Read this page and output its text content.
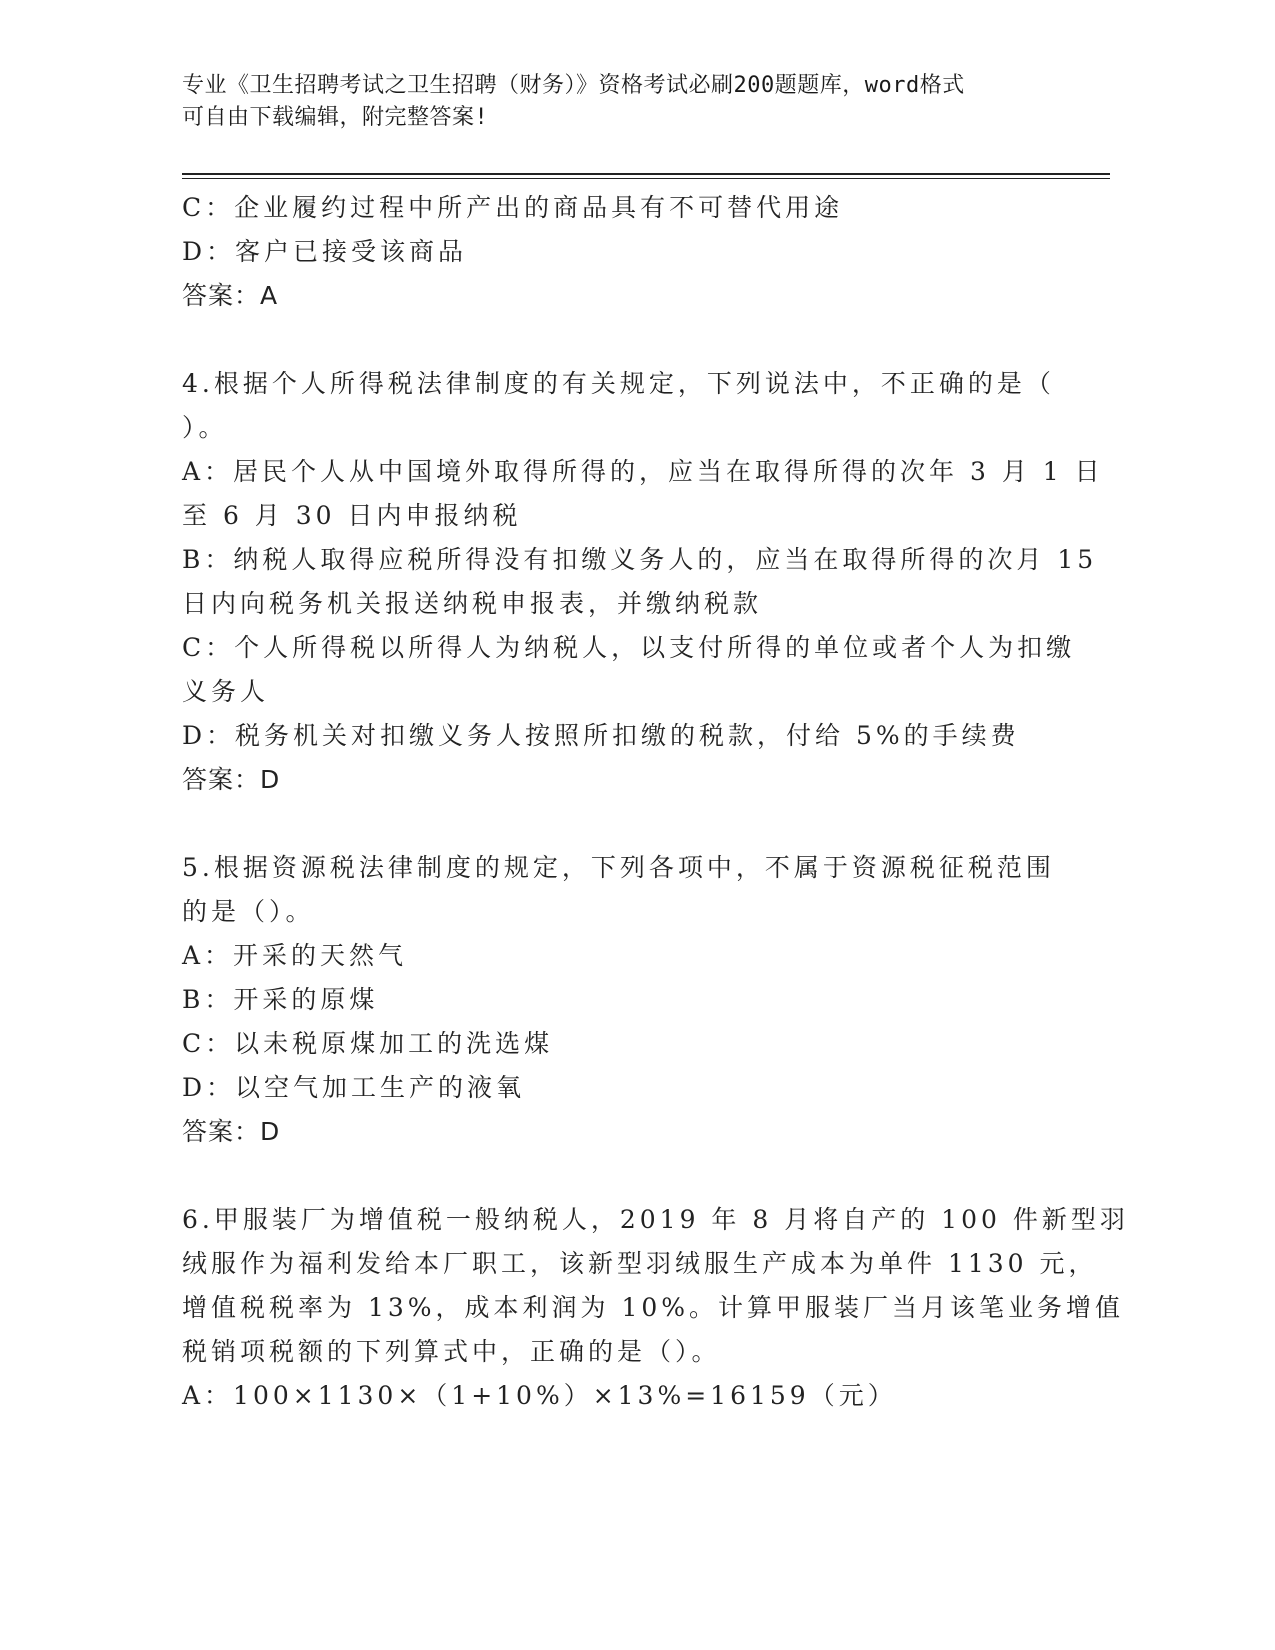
专业《卫生招聘考试之卫生招聘（财务）》资格考试必刷200题题库，word格式
可自由下载编辑，附完整答案!
C：企业履约过程中所产出的商品具有不可替代用途
D：客户已接受该商品
答案：A
4.根据个人所得税法律制度的有关规定，下列说法中，不正确的是（
）。
A：居民个人从中国境外取得所得的，应当在取得所得的次年 3 月 1 日
至 6 月 30 日内申报纳税
B：纳税人取得应税所得没有扣缴义务人的，应当在取得所得的次月 15
日内向税务机关报送纳税申报表，并缴纳税款
C：个人所得税以所得人为纳税人，以支付所得的单位或者个人为扣缴
义务人
D：税务机关对扣缴义务人按照所扣缴的税款，付给 5%的手续费
答案：D
5.根据资源税法律制度的规定，下列各项中，不属于资源税征税范围
的是（）。
A：开采的天然气
B：开采的原煤
C：以未税原煤加工的洗选煤
D：以空气加工生产的液氧
答案：D
6.甲服装厂为增值税一般纳税人，2019 年 8 月将自产的 100 件新型羽
绒服作为福利发给本厂职工，该新型羽绒服生产成本为单件 1130 元，
增值税税率为 13%，成本利润为 10%。计算甲服装厂当月该笔业务增值
税销项税额的下列算式中，正确的是（）。
A：100×1130×（1+10%）×13%=16159（元）
